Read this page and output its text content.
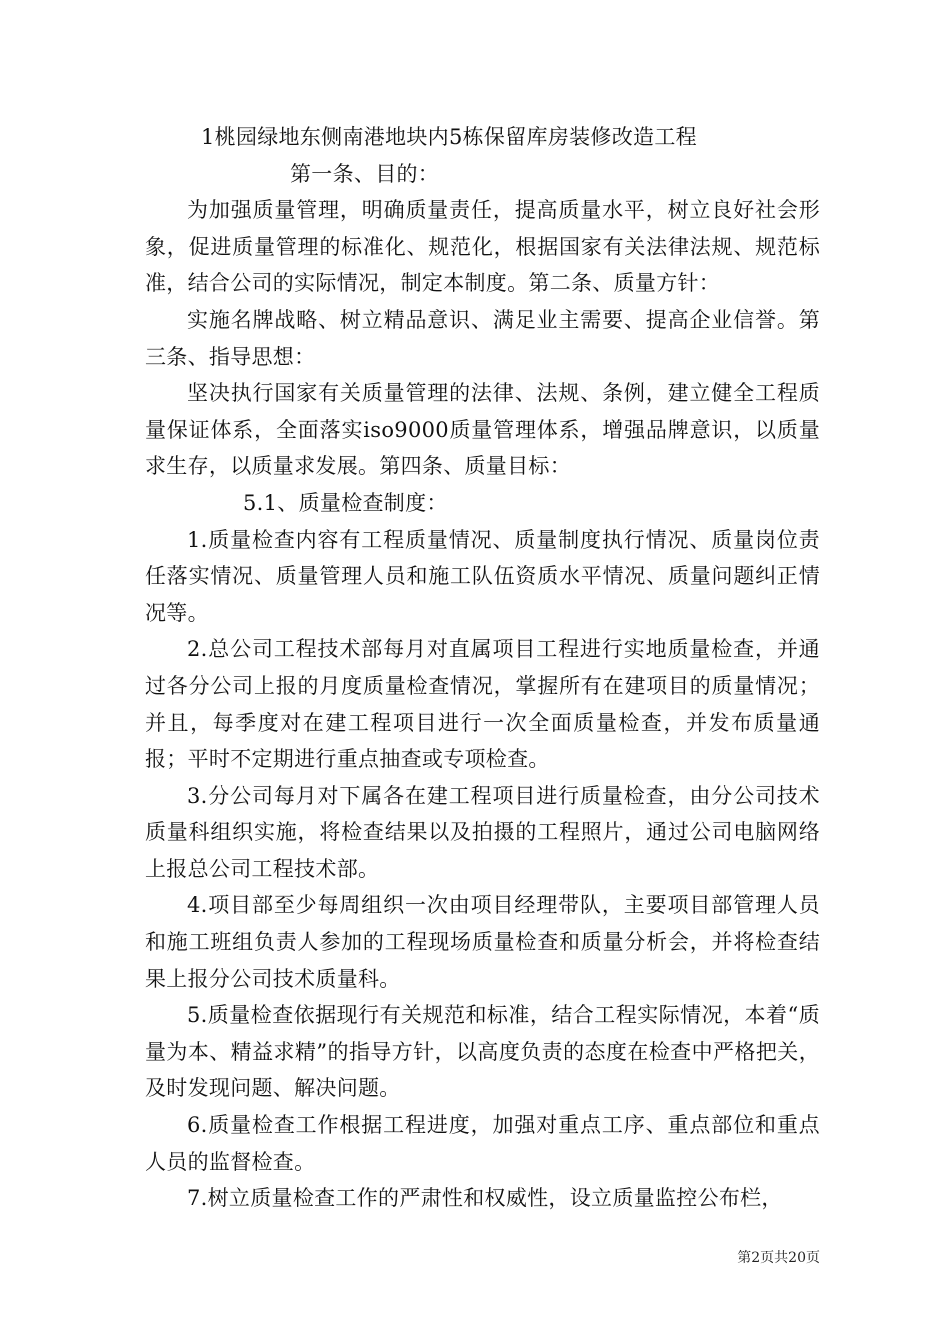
1桃园绿地东侧南港地块内5栋保留库房装修改造工程

第一条、目的：

为加强质量管理，明确质量责任，提高质量水平，树立良好社会形象，促进质量管理的标准化、规范化，根据国家有关法律法规、规范标准，结合公司的实际情况，制定本制度。第二条、质量方针：

实施名牌战略、树立精品意识、满足业主需要、提高企业信誉。第三条、指导思想：

坚决执行国家有关质量管理的法律、法规、条例，建立健全工程质量保证体系，全面落实iso9000质量管理体系，增强品牌意识，以质量求生存，以质量求发展。第四条、质量目标：

5.1、质量检查制度：

1.质量检查内容有工程质量情况、质量制度执行情况、质量岗位责任落实情况、质量管理人员和施工队伍资质水平情况、质量问题纠正情况等。

2.总公司工程技术部每月对直属项目工程进行实地质量检查，并通过各分公司上报的月度质量检查情况，掌握所有在建项目的质量情况；并且，每季度对在建工程项目进行一次全面质量检查，并发布质量通报；平时不定期进行重点抽查或专项检查。

3.分公司每月对下属各在建工程项目进行质量检查，由分公司技术质量科组织实施，将检查结果以及拍摄的工程照片，通过公司电脑网络上报总公司工程技术部。

4.项目部至少每周组织一次由项目经理带队，主要项目部管理人员和施工班组负责人参加的工程现场质量检查和质量分析会，并将检查结果上报分公司技术质量科。

5.质量检查依据现行有关规范和标准，结合工程实际情况，本着“质量为本、精益求精”的指导方针，以高度负责的态度在检查中严格把关，及时发现问题、解决问题。

6.质量检查工作根据工程进度，加强对重点工序、重点部位和重点人员的监督检查。

7.树立质量检查工作的严肃性和权威性，设立质量监控公布栏，

第2页共20页
